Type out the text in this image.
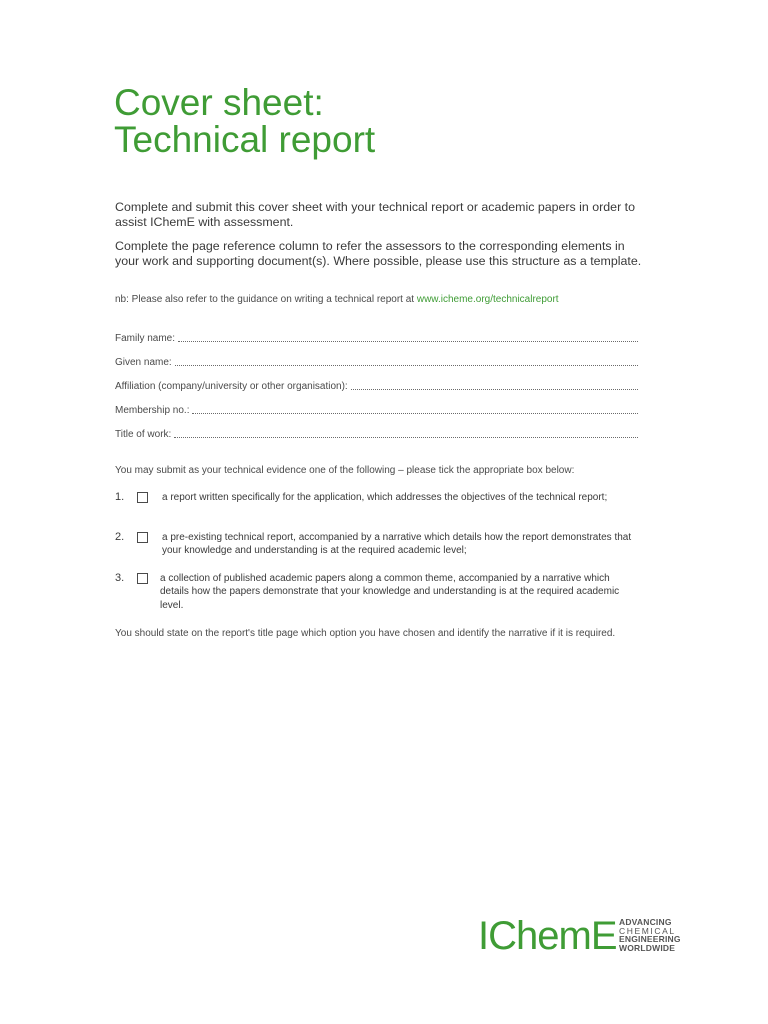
Cover sheet:
Technical report

Complete and submit this cover sheet with your technical report or academic papers in order to assist IChemE with assessment.

Complete the page reference column to refer the assessors to the corresponding elements in your work and supporting document(s). Where possible, please use this structure as a template.

nb: Please also refer to the guidance on writing a technical report at www.icheme.org/technicalreport

Family name:
Given name:
Affiliation (company/university or other organisation):
Membership no.:
Title of work:

You may submit as your technical evidence one of the following – please tick the appropriate box below:

1.	a report written specifically for the application, which addresses the objectives of the technical report;
2.	a pre-existing technical report, accompanied by a narrative which details how the report demonstrates that your knowledge and understanding is at the required academic level;
3.	a collection of published academic papers along a common theme, accompanied by a narrative which details how the papers demonstrate that your knowledge and understanding is at the required academic level.

You should state on the report's title page which option you have chosen and identify the narrative if it is required.

IChemE ADVANCING
CHEMICAL
ENGINEERING
WORLDWIDE
